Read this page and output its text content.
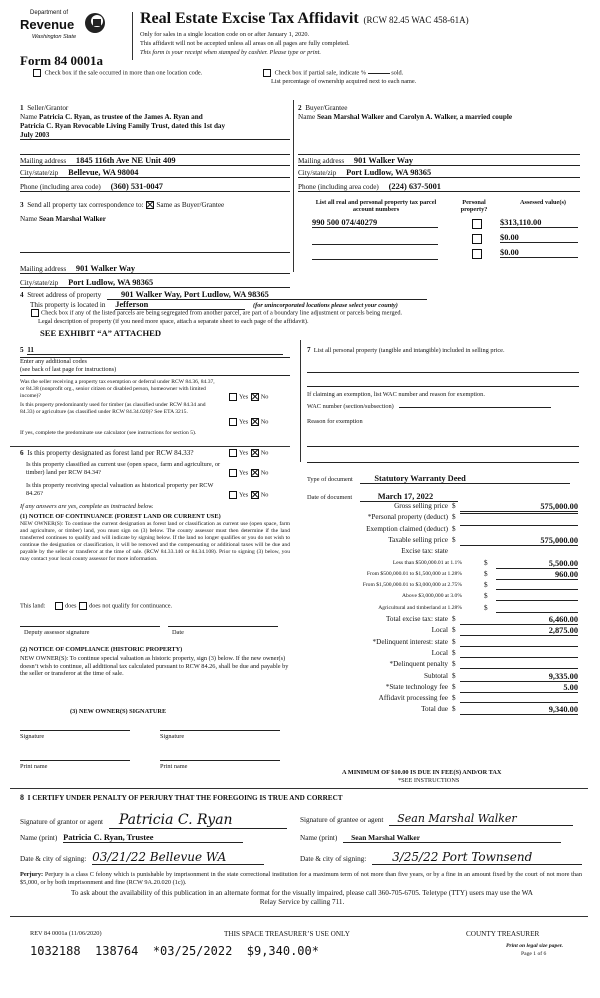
Department of
Revenue
Washington State
Form 84 0001a
Real Estate Excise Tax Affidavit (RCW 82.45 WAC 458-61A)
Only for sales in a single location code on or after January 1, 2020.
This affidavit will not be accepted unless all areas on all pages are fully completed.
This form is your receipt when stamped by cashier. Please type or print.
Check box if the sale occurred in more than one location code.	Check box if partial sale, indicate %	sold.
List percentage of ownership acquired next to each name.
1 Seller/Grantor
Name Patricia C. Ryan, as trustee of the James A. Ryan and
Patricia C. Ryan Revocable Living Family Trust, dated this 1st day
July 2003
Mailing address 1845 116th Ave NE Unit 409
City/state/zip Bellevue, WA 98004
Phone (including area code) (360) 531-0047
2 Buyer/Grantee
Name Sean Marshal Walker and Carolyn A. Walker, a married couple
Mailing address 901 Walker Way
City/state/zip Port Ludlow, WA 98365
Phone (including area code) (224) 637-5001
3 Send all property tax correspondence to: Same as Buyer/Grantee
Name Sean Marshal Walker
Mailing address 901 Walker Way
City/state/zip Port Ludlow, WA 98365
List all real and personal property tax parcel account numbers
Personal property?
Assessed value(s)
990 500 074/40279	$313,110.00
$0.00
$0.00
4 Street address of property 901 Walker Way, Port Ludlow, WA 98365
This property is located in Jefferson	(for unincorporated locations please select your county)
Check box if any of the listed parcels are being segregated from another parcel, are part of a boundary line adjustment or parcels being merged.
Legal description of property (if you need more space, attach a separate sheet to each page of the affidavit).
SEE EXHIBIT “A” ATTACHED
5 11
Enter any additional codes
(see back of last page for instructions)
Was the seller receiving a property tax exemption or deferral under RCW 84.36, 84.37, or 84.38 (nonprofit org., senior citizen or disabled person, homeowner with limited income)?	Yes No
Is this property predominantly used for timber (as classified under RCW 84.34 and 84.33) or agriculture (as classified under RCW 84.34.020)? See ETA 3215.
Yes No
If yes, complete the predominate use calculator (see instructions for section 5).
6 Is this property designated as forest land per RCW 84.33?	Yes No
Is this property classified as current use (open space, farm and agriculture, or timber) land per RCW 84.34?	Yes No
Is this property receiving special valuation as historical property per RCW 84.26?	Yes No
If any answers are yes, complete as instructed below.
(1) NOTICE OF CONTINUANCE (FOREST LAND OR CURRENT USE)
NEW OWNER(S): To continue the current designation as forest land or classification as current use (open space, farm and agriculture, or timber) land, you must sign on (3) below. The county assessor must then determine if the land transferred continues to qualify and will indicate by signing below. If the land no longer qualifies or you do not wish to continue the designation or classification, it will be removed and the compensating or additional taxes will be due and payable by the seller or transferor at the time of sale. (RCW 84.33.140 or 84.34.108). Prior to signing (3) below, you may contact your local county assessor for more information.
This land:	does does not qualify for continuance.
Deputy assessor signature	Date
(2) NOTICE OF COMPLIANCE (HISTORIC PROPERTY)
NEW OWNER(S): To continue special valuation as historic property, sign (3) below. If the new owner(s) doesn’t wish to continue, all additional tax calculated pursuant to RCW 84.26, shall be due and payable by the seller or transferor at the time of sale.
(3) NEW OWNER(S) SIGNATURE
Signature	Signature
Print name	Print name
7 List all personal property (tangible and intangible) included in selling price.
If claiming an exemption, list WAC number and reason for exemption.
WAC number (section/subsection)
Reason for exemption
Type of document	Statutory Warranty Deed
Date of document	March 17, 2022
Gross selling price $	575,000.00
*Personal property (deduct) $
Exemption claimed (deduct) $
Taxable selling price $	575,000.00
Excise tax: state
Less than $500,000.01 at 1.1%	$	5,500.00
From $500,000.01 to $1,500,000 at 1.28%	$	960.00
From $1,500,000.01 to $3,000,000 at 2.75%	$
Above $3,000,000 at 3.0%	$
Agricultural and timberland at 1.28%	$
Total excise tax: state $	6,460.00
Local $	2,875.00
*Delinquent interest: state $
Local $
*Delinquent penalty $
Subtotal $	9,335.00
*State technology fee $	5.00
Affidavit processing fee $
Total due $	9,340.00
A MINIMUM OF $10.00 IS DUE IN FEE(S) AND/OR TAX
*SEE INSTRUCTIONS
8 I CERTIFY UNDER PENALTY OF PERJURY THAT THE FOREGOING IS TRUE AND CORRECT
Signature of grantor or agent Patricia C. Ryan
Name (print) Patricia C. Ryan, Trustee
Date & city of signing: 03/21/22 Bellevue WA
Signature of grantee or agent Sean Marshal Walker
Name (print) Sean Marshal Walker
Date & city of signing: 3/25/22 Port Townsend
Perjury: Perjury is a class C felony which is punishable by imprisonment in the state correctional institution for a maximum term of not more than five years, or by a fine in an amount fixed by the court of not more than $5,000, or by both imprisonment and fine (RCW 9A.20.020 (1c)).
To ask about the availability of this publication in an alternate format for the visually impaired, please call 360-705-6705. Teletype (TTY) users may use the WA Relay Service by calling 711.
REV 84 0001a (11/06/2020)	THIS SPACE TREASURER’S USE ONLY	COUNTY TREASURER
1032188  138764  *03/25/2022  $9,340.00*	Print on legal size paper.
Page 1 of 6
